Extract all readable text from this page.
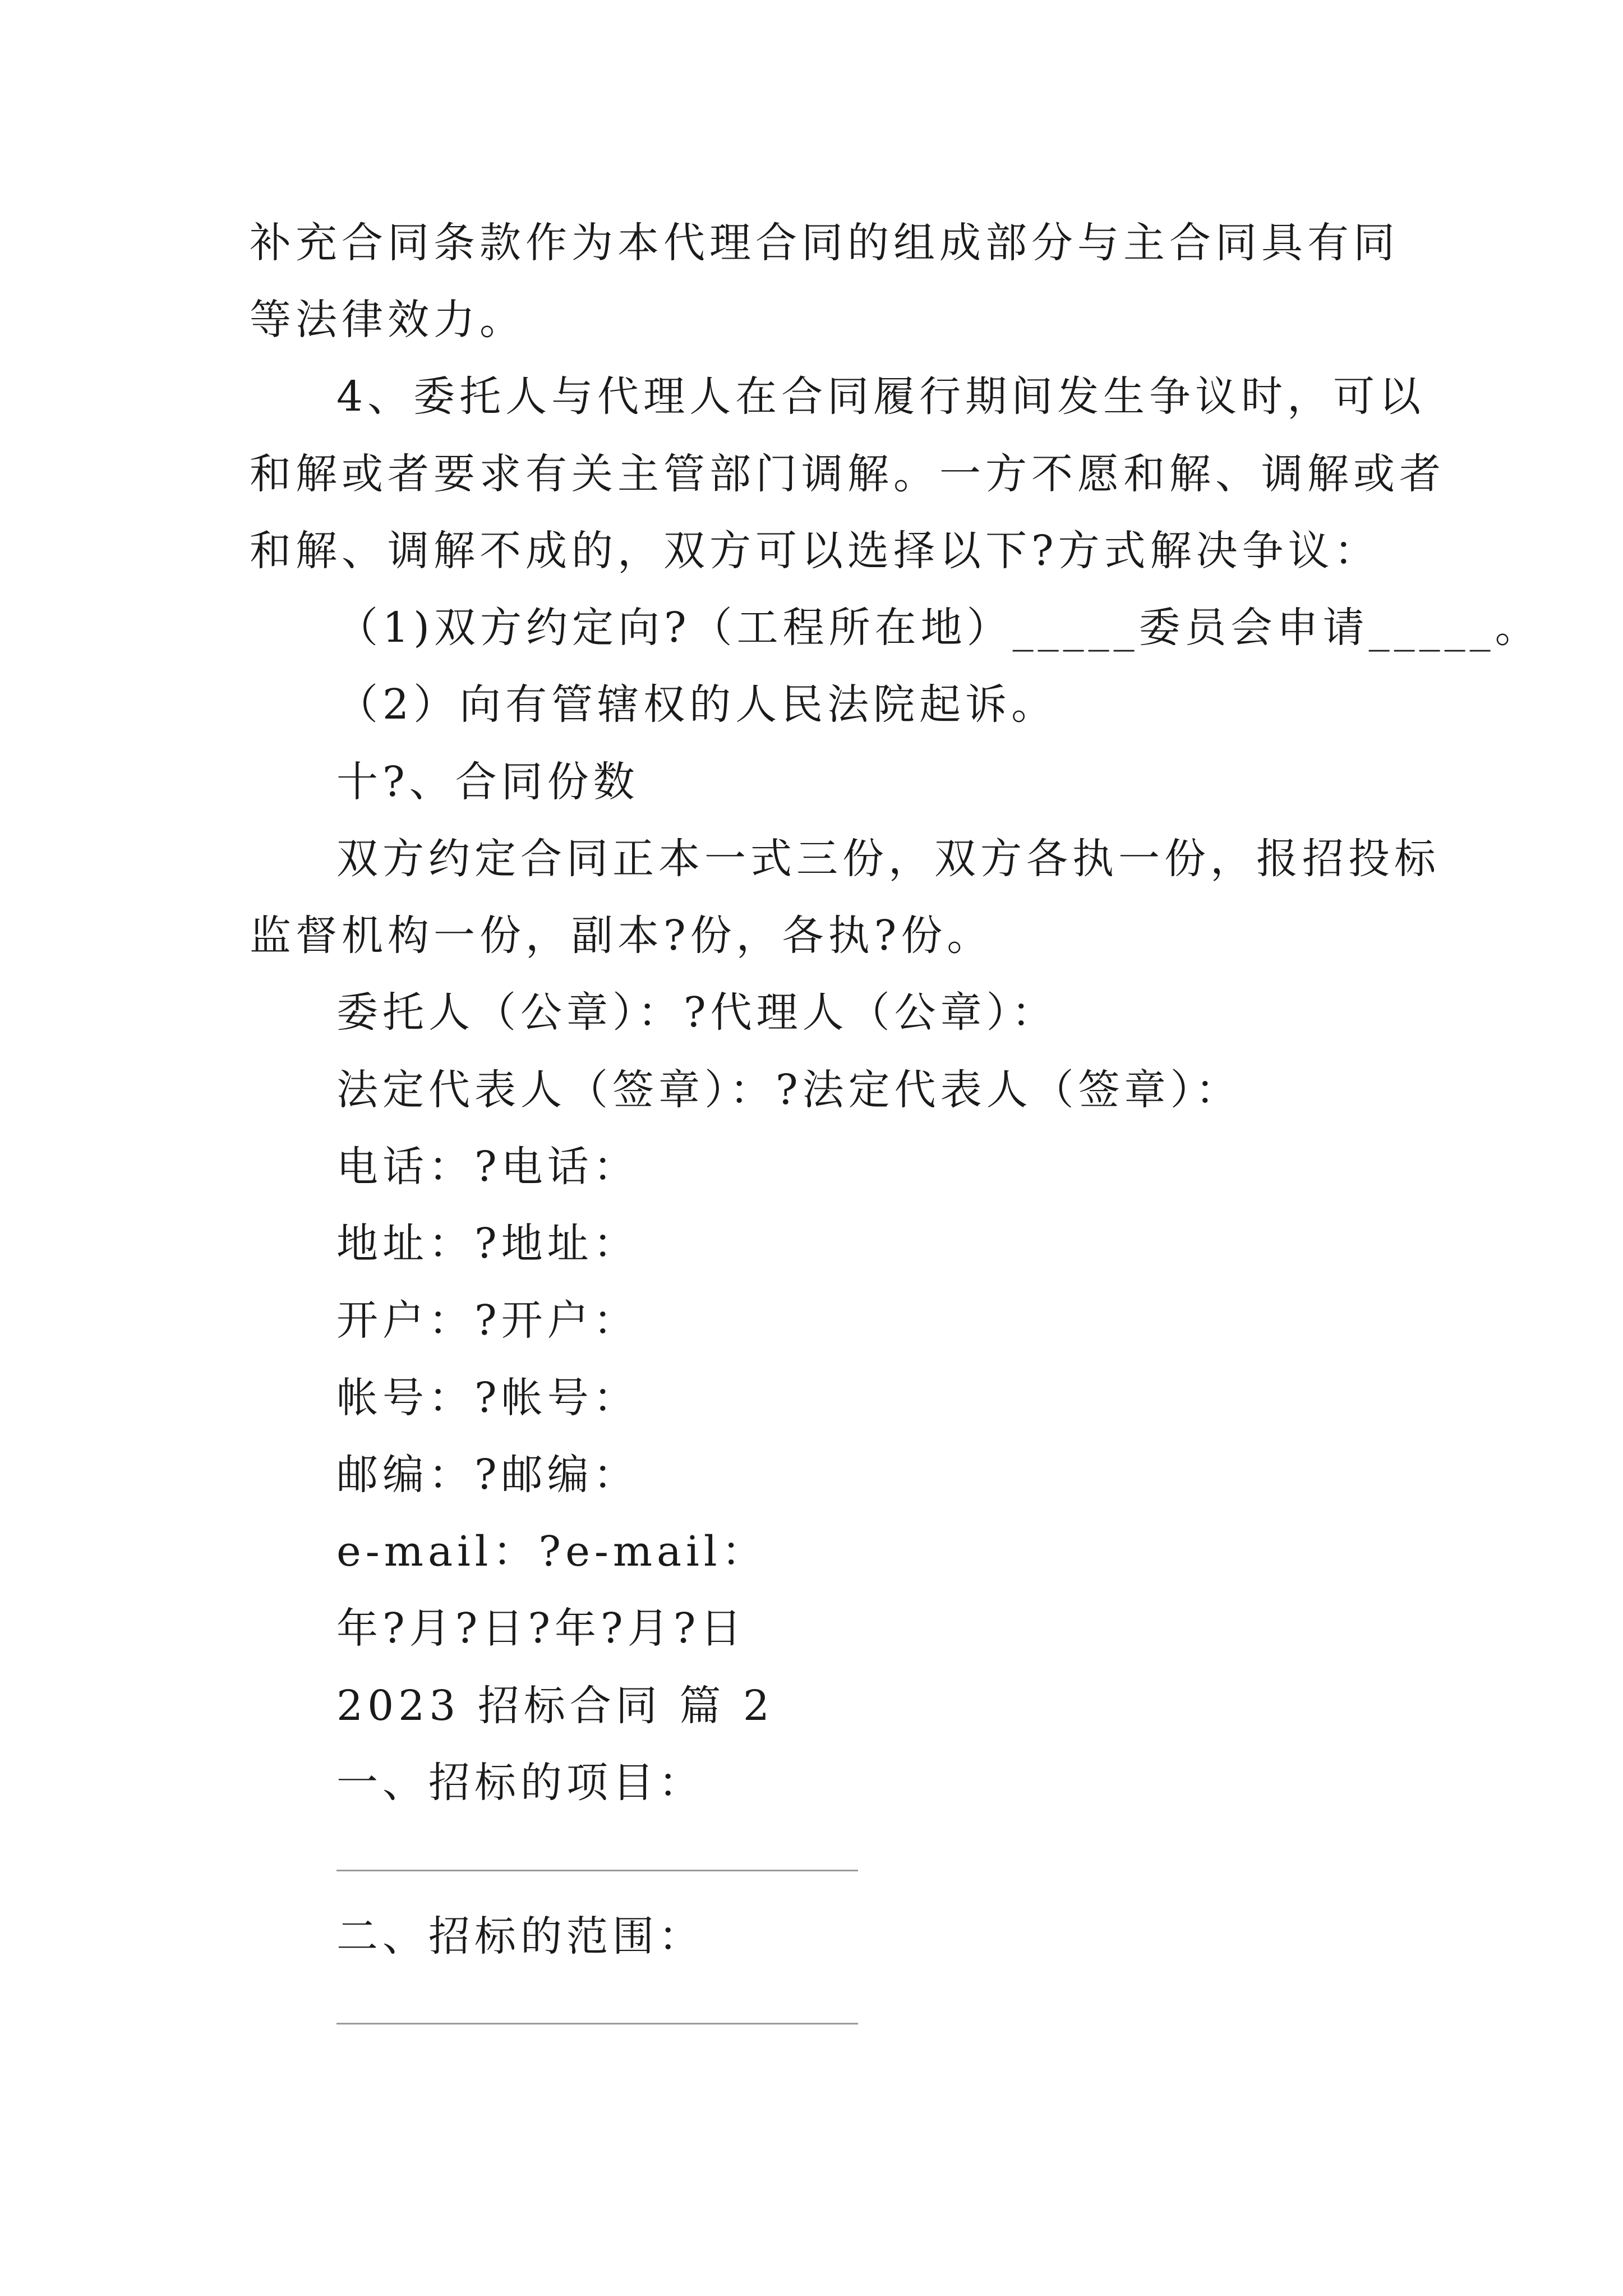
补充合同条款作为本代理合同的组成部分与主合同具有同
等法律效力。
4、委托人与代理人在合同履行期间发生争议时，可以
和解或者要求有关主管部门调解。一方不愿和解、调解或者
和解、调解不成的，双方可以选择以下?方式解决争议：
（1)双方约定向?（工程所在地）_____委员会申请_____。
（2）向有管辖权的人民法院起诉。
十?、合同份数
双方约定合同正本一式三份，双方各执一份，报招投标
监督机构一份，副本?份，各执?份。
委托人（公章）：?代理人（公章）：
法定代表人（签章）：?法定代表人（签章）：
电话：?电话：
地址：?地址：
开户：?开户：
帐号：?帐号：
邮编：?邮编：
e-mail：?e-mail：
年?月?日?年?月?日
2023 招标合同 篇 2
一、招标的项目：
二、招标的范围：
